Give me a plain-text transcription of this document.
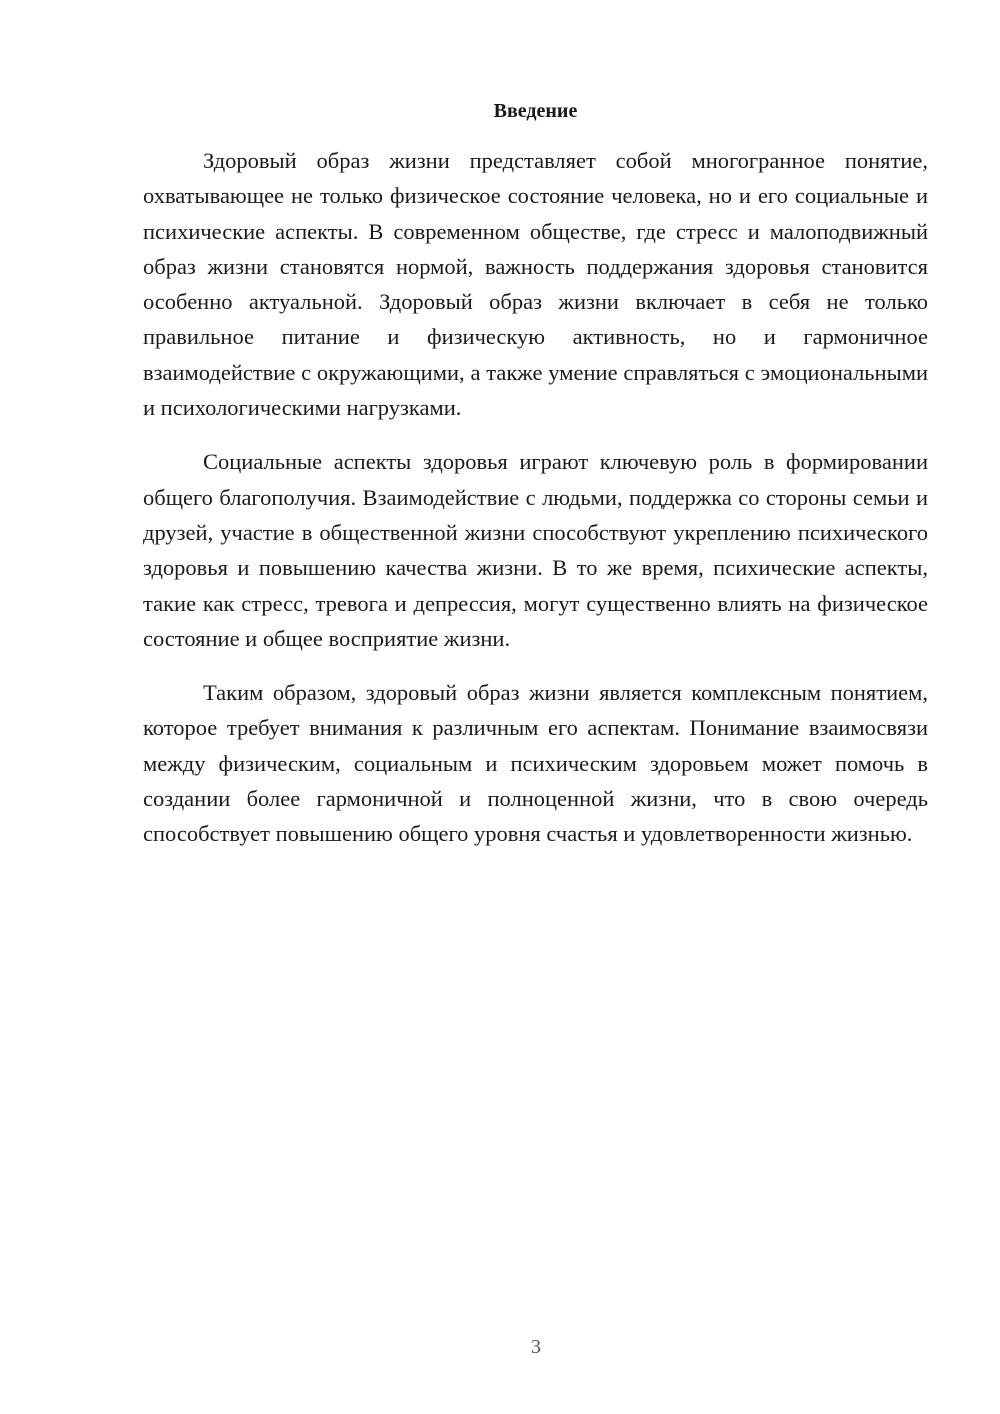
Введение

Здоровый образ жизни представляет собой многогранное понятие, охватывающее не только физическое состояние человека, но и его социальные и психические аспекты. В современном обществе, где стресс и малоподвижный образ жизни становятся нормой, важность поддержания здоровья становится особенно актуальной. Здоровый образ жизни включает в себя не только правильное питание и физическую активность, но и гармоничное взаимодействие с окружающими, а также умение справляться с эмоциональными и психологическими нагрузками.

Социальные аспекты здоровья играют ключевую роль в формировании общего благополучия. Взаимодействие с людьми, поддержка со стороны семьи и друзей, участие в общественной жизни способствуют укреплению психического здоровья и повышению качества жизни. В то же время, психические аспекты, такие как стресс, тревога и депрессия, могут существенно влиять на физическое состояние и общее восприятие жизни.

Таким образом, здоровый образ жизни является комплексным понятием, которое требует внимания к различным его аспектам. Понимание взаимосвязи между физическим, социальным и психическим здоровьем может помочь в создании более гармоничной и полноценной жизни, что в свою очередь способствует повышению общего уровня счастья и удовлетворенности жизнью.

3
